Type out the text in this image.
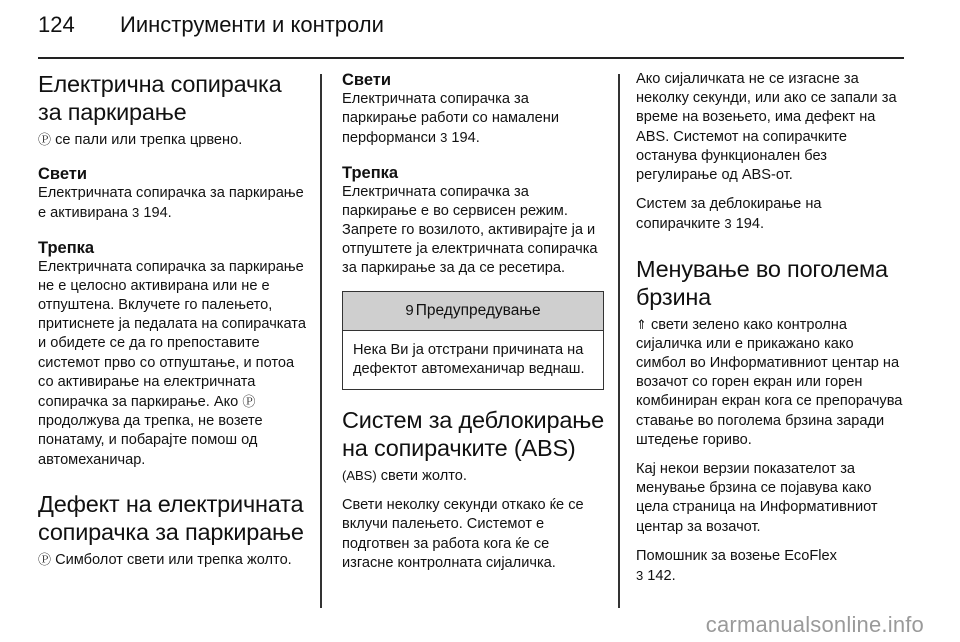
124 Иинструменти и контроли
Електрична сопирачка за паркирање

Ⓟ се пали или трепка црвено.

Свети

Електричната сопирачка за паркирање е активирана 3 194.

Трепка

Електричната сопирачка за паркирање не е целосно активирана или не е отпуштена. Вклучете го палењето, притиснете ја педалата на сопирачката и обидете се да го препоставите системот прво со отпуштање, и потоа со активирање на електричната сопирачка за паркирање. Ако Ⓟ продолжува да трепка, не возете понатаму, и побарајте помош од автомеханичар.

Дефект на електричната сопирачка за паркирање

Ⓟ Симболот свети или трепка жолто.

Свети

Електричната сопирачка за паркирање работи со намалени перформанси 3 194.

Трепка

Електричната сопирачка за паркирање е во сервисен режим. Запрете го возилото, активирајте ја и отпуштете ја електричната сопирачка за паркирање за да се ресетира.

9 Предупредување

Нека Ви ја отстрани причината на дефектот автомеханичар веднаш.

Систем за деблокирање на сопирачките (ABS)

(ABS) свети жолто.

Свети неколку секунди откако ќе се вклучи палењето. Системот е подготвен за работа кога ќе се изгасне контролната сијаличка.

Ако сијаличката не се изгасне за неколку секунди, или ако се запали за време на возењето, има дефект на ABS. Системот на сопирачките останува функционален без регулирање од ABS-от.

Систем за деблокирање на сопирачките 3 194.

Менување во поголема брзина

⇑ свети зелено како контролна сијаличка или е прикажано како симбол во Информативниот центар на возачот со горен екран или горен комбиниран екран кога се препорачува ставање во поголема брзина заради штедење гориво.

Кај некои верзии показателот за менување брзина се појавува како цела страница на Информативниот центар за возачот.

Помошник за возење EcoFlex

3 142.

carmanualsonline.info
